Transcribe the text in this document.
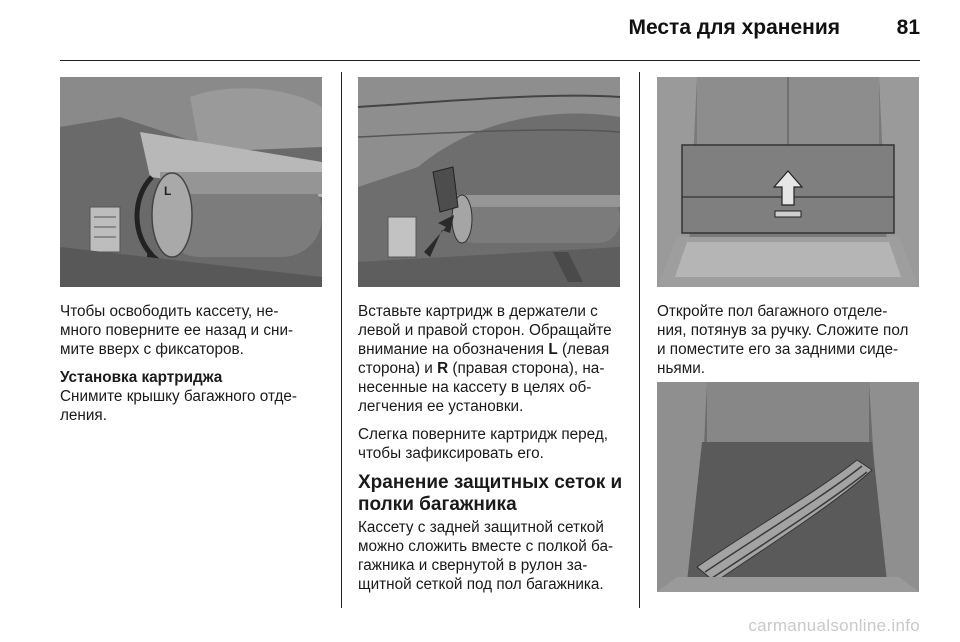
Места для хранения	81
L

Чтобы освободить кассету, не-
много поверните ее назад и сни-
мите вверх с фиксаторов.

Установка картриджа
Снимите крышку багажного отде-
ления.

Вставьте картридж в держатели с
левой и правой сторон. Обращайте
внимание на обозначения L (левая
сторона) и R (правая сторона), на-
несенные на кассету в целях об-
легчения ее установки.

Слегка поверните картридж перед,
чтобы зафиксировать его.

Хранение защитных сеток и
полки багажника

Кассету с задней защитной сеткой
можно сложить вместе с полкой ба-
гажника и свернутой в рулон за-
щитной сеткой под пол багажника.

Откройте пол багажного отделе-
ния, потянув за ручку. Сложите пол
и поместите его за задними сиде-
ньями.

carmanualsonline.info
